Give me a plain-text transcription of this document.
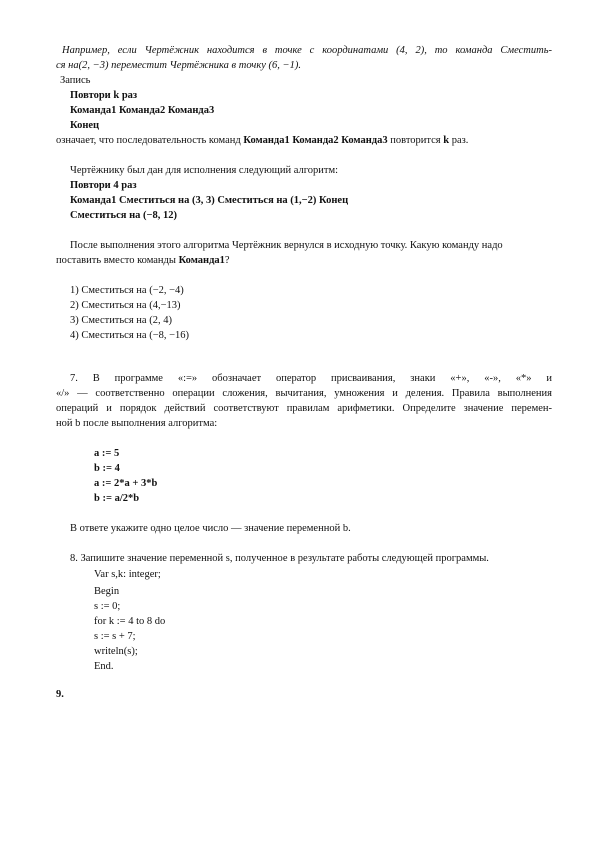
Например, если Чертёжник находится в точке с координатами (4, 2), то команда Сместить-
ся на(2, −3) переместит Чертёжника в точку (6, −1).
Запись
Повтори k раз
Команда1 Команда2 Команда3
Конец
означает, что последовательность команд Команда1 Команда2 Команда3 повторится k раз.
Чертёжнику был дан для исполнения следующий алгоритм:
Повтори 4 раз
Команда1 Сместиться на (3, 3) Сместиться на (1,−2) Конец
Сместиться на (−8, 12)
После выполнения этого алгоритма Чертёжник вернулся в исходную точку. Какую команду надо
поставить вместо команды Команда1?
1) Сместиться на (−2, −4)
2) Сместиться на (4,−13)
3) Сместиться на (2, 4)
4) Сместиться на (−8, −16)
7. В программе «:=» обозначает оператор присваивания, знаки «+», «-», «*» и
«/» — соответственно операции сложения, вычитания, умножения и деления. Правила выполнения
операций и порядок действий соответствуют правилам арифметики. Определите значение перемен-
ной b после выполнения алгоритма:
a := 5
b := 4
a := 2*a + 3*b
b := a/2*b
В ответе укажите одно целое число — значение переменной b.
8. Запишите значение переменной s, полученное в результате работы следующей программы.
Var s,k: integer;
Begin
s := 0;
for k := 4 to 8 do
s := s + 7;
writeln(s);
End.
9.
